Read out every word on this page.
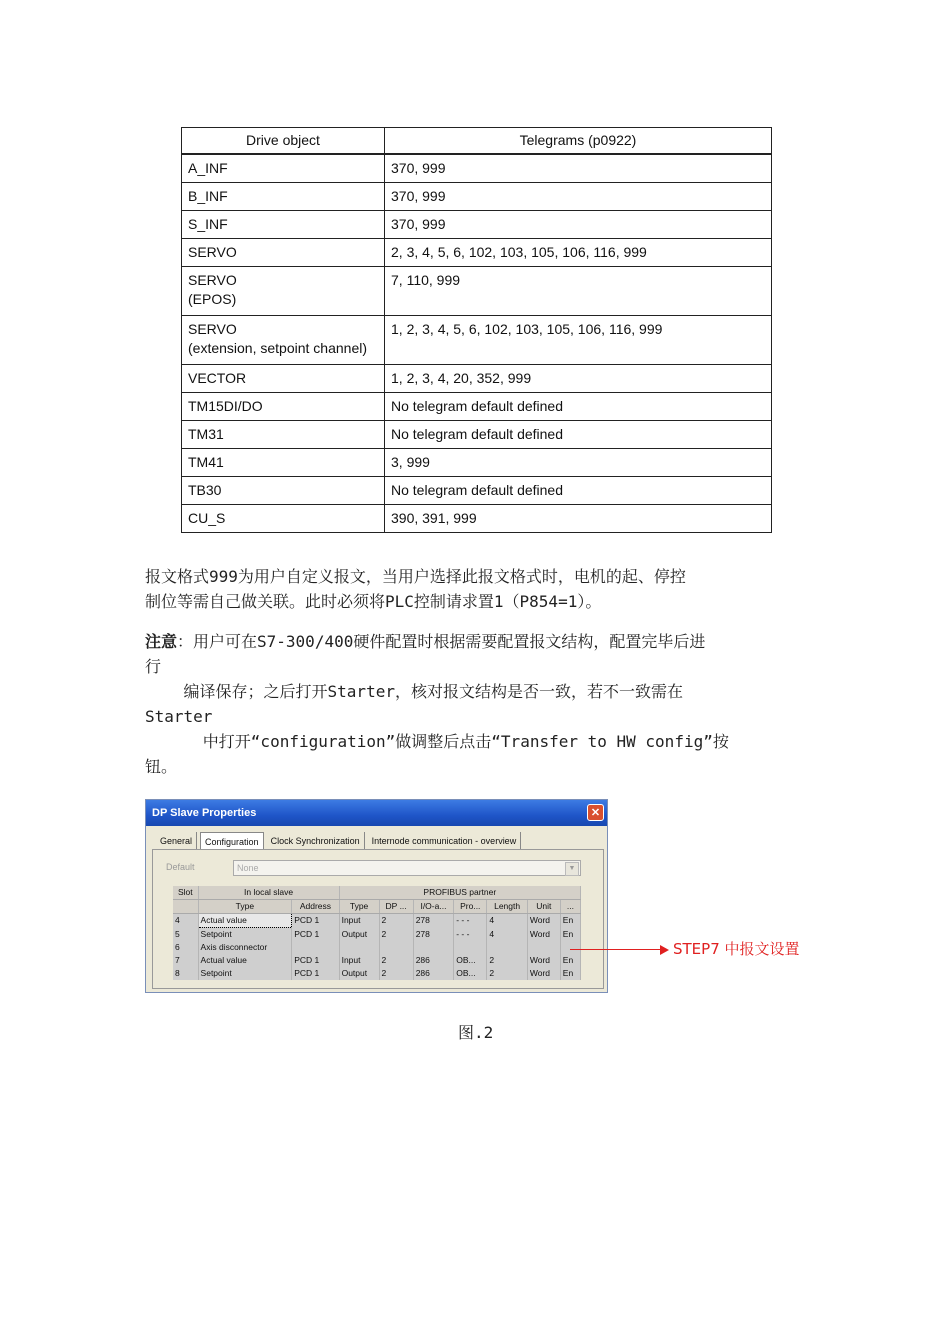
Drive object	Telegrams (p0922)

A_INF	370, 999

B_INF	370, 999

S_INF	370, 999

SERVO	2, 3, 4, 5, 6, 102, 103, 105, 106, 116, 999

SERVO
(EPOS)	7, 110, 999

SERVO
(extension, setpoint channel)	1, 2, 3, 4, 5, 6, 102, 103, 105, 106, 116, 999

VECTOR	1, 2, 3, 4, 20, 352, 999

TM15DI/DO	No telegram default defined

TM31	No telegram default defined

TM41	3, 999

TB30	No telegram default defined

CU_S	390, 391, 999
报文格式999为用户自定义报文，当用户选择此报文格式时，电机的起、停控
制位等需自己做关联。此时必须将PLC控制请求置1（P854=1）。
注意：用户可在S7-300/400硬件配置时根据需要配置报文结构，配置完毕后进
行
编译保存；之后打开Starter，核对报文结构是否一致，若不一致需在
Starter
中打开“configuration”做调整后点击“Transfer to HW config”按
钮。
DP Slave Properties	✕
General	Configuration	Clock Synchronization	Internode communication - overview
Default	None	▼
Slot	In local slave		PROFIBUS partner						
	Type	Address	Type	DP ...	I/O-a...	Pro...	Length	Unit	...
4	Actual value	PCD 1	Input	2	278	- - -	4	Word	En
5	Setpoint	PCD 1	Output	2	278	- - -	4	Word	En
6	Axis disconnector								
7	Actual value	PCD 1	Input	2	286	OB...	2	Word	En
8	Setpoint	PCD 1	Output	2	286	OB...	2	Word	En
STEP7 中报文设置
图.2
